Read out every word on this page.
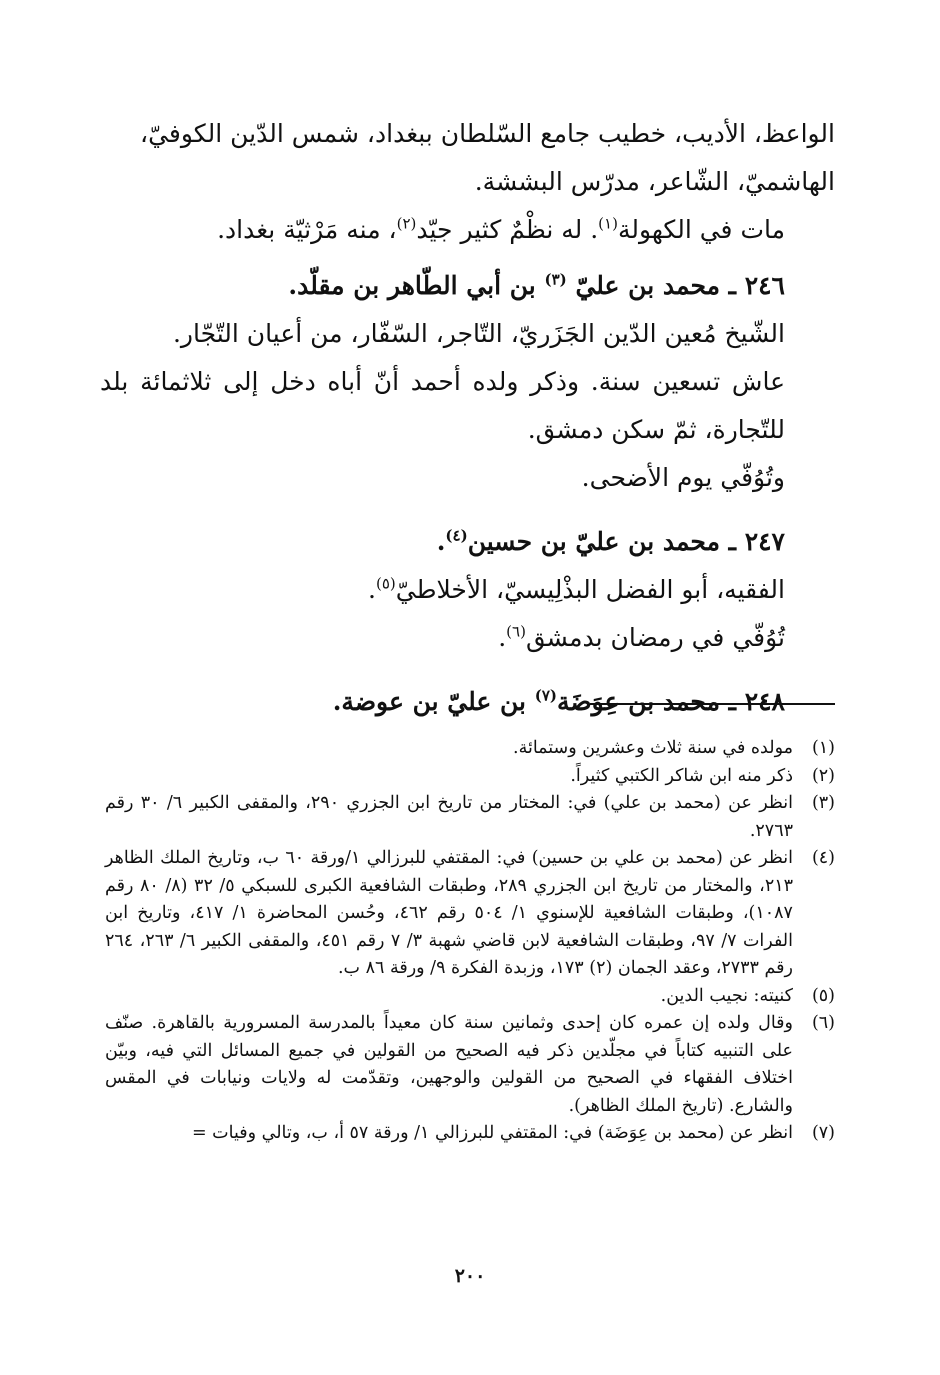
الواعظ، الأديب، خطيب جامع السّلطان ببغداد، شمس الدّين الكوفيّ،

الهاشميّ، الشّاعر، مدرّس البششة.

مات في الكهولة$^{(١)}$. له نظْمٌ كثير جيّد$^{(٢)}$، منه مَرْثيّة بغداد.

٢٤٦ ـ محمد بن عليّ $^{(٣)}$ بن أبي الطّاهر بن مقلّد.

الشّيخ مُعين الدّين الجَزَريّ، التّاجر، السّفّار، من أعيان التّجّار.

عاش تسعين سنة. وذكر ولده أحمد أنّ أباه دخل إلى ثلاثمائة بلد للتّجارة، ثمّ سكن دمشق.

وتُوُفّي يوم الأضحى.

٢٤٧ ـ محمد بن عليّ بن حسين$^{(٤)}$.

الفقيه، أبو الفضل البذْلِيسيّ، الأخلاطيّ$^{(٥)}$.

تُوُفّي في رمضان بدمشق$^{(٦)}$.

٢٤٨ ـ محمد بن عِوَضَة$^{(٧)}$ بن عليّ بن عوضة.

(١)
مولده في سنة ثلاث وعشرين وستمائة.
(٢)
ذكر منه ابن شاكر الكتبي كثيراً.
(٣)
انظر عن (محمد بن علي) في: المختار من تاريخ ابن الجزري ٢٩٠، والمقفى الكبير ٦/ ٣٠ رقم ٢٧٦٣.
(٤)
انظر عن (محمد بن علي بن حسين) في: المقتفي للبرزالي ١/ورقة ٦٠ ب، وتاريخ الملك الظاهر ٢١٣، والمختار من تاريخ ابن الجزري ٢٨٩، وطبقات الشافعية الكبرى للسبكي ٥/ ٣٢ (٨/ ٨٠ رقم ١٠٨٧)، وطبقات الشافعية للإسنوي ١/ ٥٠٤ رقم ٤٦٢، وحُسن المحاضرة ١/ ٤١٧، وتاريخ ابن الفرات ٧/ ٩٧، وطبقات الشافعية لابن قاضي شهبة ٣/ ٧ رقم ٤٥١، والمقفى الكبير ٦/ ٢٦٣، ٢٦٤ رقم ٢٧٣٣، وعقد الجمان (٢) ١٧٣، وزبدة الفكرة ٩/ ورقة ٨٦ ب.
(٥)
كنيته: نجيب الدين.
(٦)
وقال ولده إن عمره كان إحدى وثمانين سنة كان معيداً بالمدرسة المسرورية بالقاهرة. صنّف على التنبيه كتاباً في مجلّدين ذكر فيه الصحيح من القولين في جميع المسائل التي فيه، وبيّن اختلاف الفقهاء في الصحيح من القولين والوجهين، وتقدّمت له ولايات ونيابات في المقس والشارع. (تاريخ الملك الظاهر).
(٧)
انظر عن (محمد بن عِوَضَة) في: المقتفي للبرزالي ١/ ورقة ٥٧ أ، ب، وتالي وفيات =
٢٠٠
